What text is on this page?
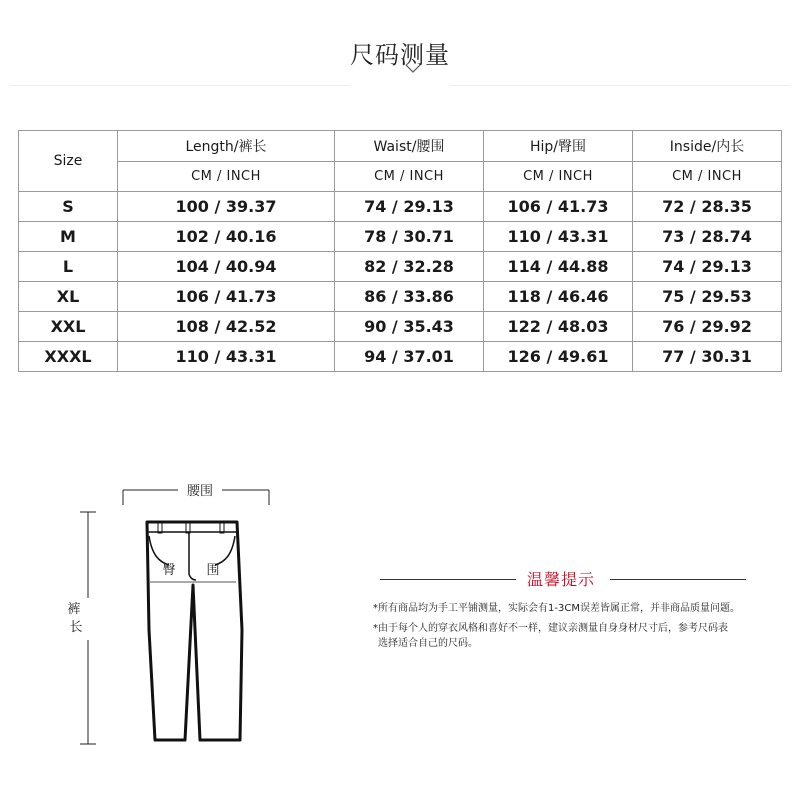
尺码测量
Size	Length/裤长	Waist/腰围	Hip/臀围	Inside/内长
	CM / INCH	CM / INCH	CM / INCH	CM / INCH
S	100 / 39.37	74 / 29.13	106 / 41.73	72 / 28.35
M	102 / 40.16	78 / 30.71	110 / 43.31	73 / 28.74
L	104 / 40.94	82 / 32.28	114 / 44.88	74 / 29.13
XL	106 / 41.73	86 / 33.86	118 / 46.46	75 / 29.53
XXL	108 / 42.52	90 / 35.43	122 / 48.03	76 / 29.92
XXXL	110 / 43.31	94 / 37.01	126 / 49.61	77 / 30.31
腰围
裤 长
臀 围	温馨提示
*所有商品均为手工平铺测量，实际会有1-3CM误差皆属正常，并非商品质量问题。
*由于每个人的穿衣风格和喜好不一样，建议亲测量自身身材尺寸后，参考尺码表
选择适合自己的尺码。
